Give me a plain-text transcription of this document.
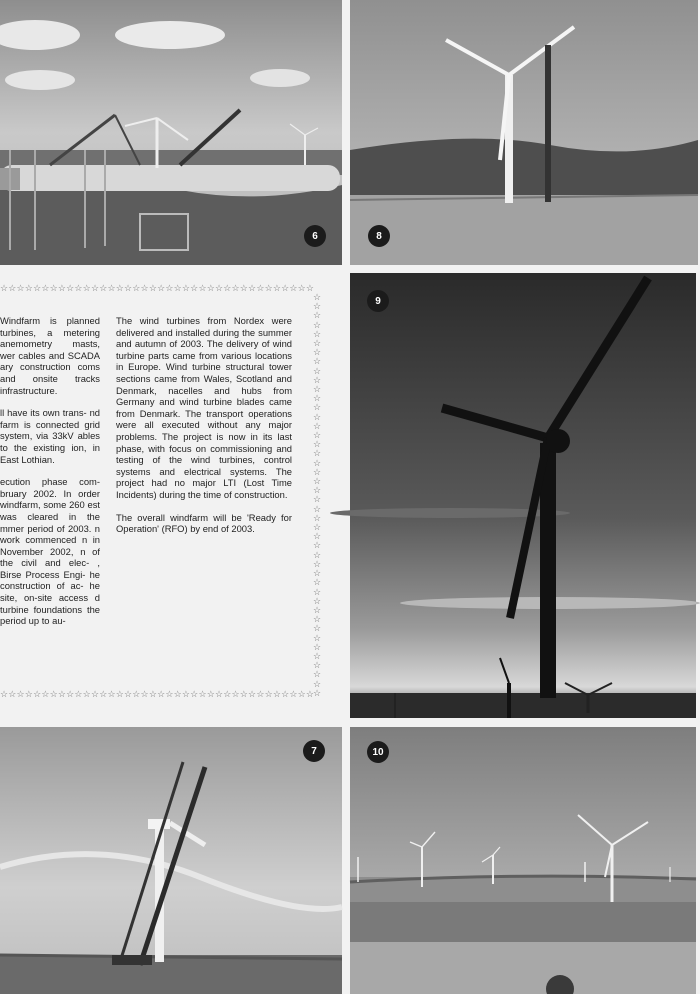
6	8
☆☆☆☆☆☆☆☆☆☆☆☆☆☆☆☆☆☆☆☆☆☆☆☆☆☆☆☆☆☆☆☆☆☆☆☆☆☆
☆☆☆☆☆☆☆☆☆☆☆☆☆☆☆☆☆☆☆☆☆☆☆☆☆☆☆☆☆☆☆☆☆☆☆☆☆☆☆☆☆☆☆☆
☆☆☆☆☆☆☆☆☆☆☆☆☆☆☆☆☆☆☆☆☆☆☆☆☆☆☆☆☆☆☆☆☆☆☆☆☆☆

Windfarm is planned turbines, a metering anemometry masts, wer cables and SCADA ary construction coms and onsite tracks infrastructure.

ll have its own trans- nd farm is connected grid system, via 33kV ables to the existing ion, in East Lothian.

ecution phase com- bruary 2002. In order windfarm, some 260 est was cleared in the mmer period of 2003. n work commenced n in November 2002, n of the civil and elec- , Birse Process Engi- he construction of ac- he site, on-site access d turbine foundations the period up to au-

The wind turbines from Nordex were delivered and installed during the summer and autumn of 2003. The delivery of wind turbine parts came from various locations in Europe. Wind turbine structural tower sections came from Wales, Scotland and Denmark, nacelles and hubs from Germany and wind turbine blades came from Denmark. The transport operations were all executed without any major problems. The project is now in its last phase, with focus on commissioning and testing of the wind turbines, control systems and electrical systems. The project had no major LTI (Lost Time Incidents) during the time of construction.

The overall windfarm will be 'Ready for Operation' (RFO) by end of 2003.

9
7	10
